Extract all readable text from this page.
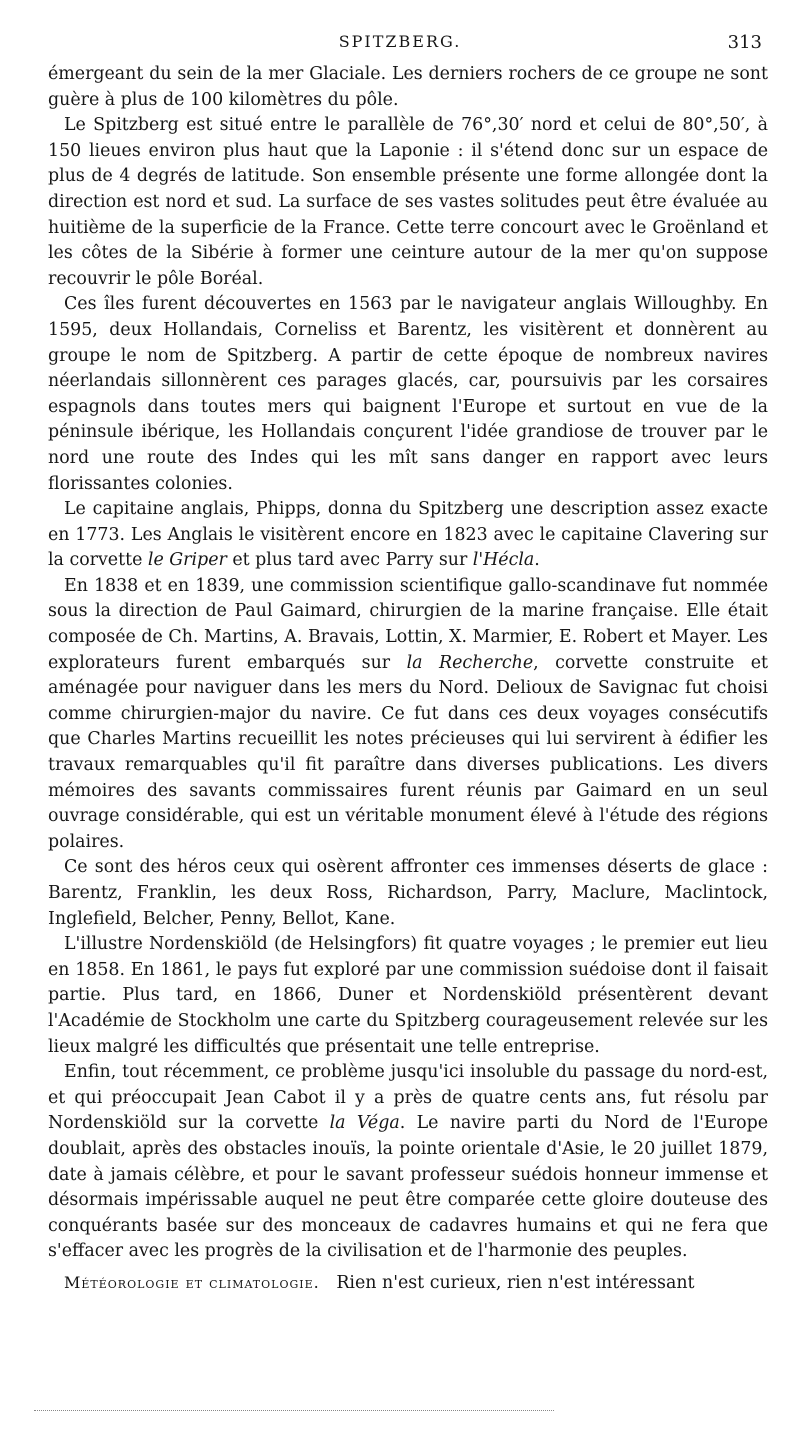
SPITZBERG.	313

émergeant du sein de la mer Glaciale. Les derniers rochers de ce groupe ne sont guère à plus de 100 kilomètres du pôle.

Le Spitzberg est situé entre le parallèle de 76°,30′ nord et celui de 80°,50′, à 150 lieues environ plus haut que la Laponie : il s'étend donc sur un espace de plus de 4 degrés de latitude. Son ensemble présente une forme allongée dont la direction est nord et sud. La surface de ses vastes solitudes peut être évaluée au huitième de la superficie de la France. Cette terre concourt avec le Groënland et les côtes de la Sibérie à former une ceinture autour de la mer qu'on suppose recouvrir le pôle Boréal.

Ces îles furent découvertes en 1563 par le navigateur anglais Willoughby. En 1595, deux Hollandais, Corneliss et Barentz, les visitèrent et donnèrent au groupe le nom de Spitzberg. A partir de cette époque de nombreux navires néerlandais sillonnèrent ces parages glacés, car, poursuivis par les corsaires espagnols dans toutes mers qui baignent l'Europe et surtout en vue de la péninsule ibérique, les Hollandais conçurent l'idée grandiose de trouver par le nord une route des Indes qui les mît sans danger en rapport avec leurs florissantes colonies.

Le capitaine anglais, Phipps, donna du Spitzberg une description assez exacte en 1773. Les Anglais le visitèrent encore en 1823 avec le capitaine Clavering sur la corvette le Griper et plus tard avec Parry sur l'Hécla.

En 1838 et en 1839, une commission scientifique gallo-scandinave fut nommée sous la direction de Paul Gaimard, chirurgien de la marine française. Elle était composée de Ch. Martins, A. Bravais, Lottin, X. Marmier, E. Robert et Mayer. Les explorateurs furent embarqués sur la Recherche, corvette construite et aménagée pour naviguer dans les mers du Nord. Delioux de Savignac fut choisi comme chirurgien-major du navire. Ce fut dans ces deux voyages consécutifs que Charles Martins recueillit les notes précieuses qui lui servirent à édifier les travaux remarquables qu'il fit paraître dans diverses publications. Les divers mémoires des savants commissaires furent réunis par Gaimard en un seul ouvrage considérable, qui est un véritable monument élevé à l'étude des régions polaires.

Ce sont des héros ceux qui osèrent affronter ces immenses déserts de glace : Barentz, Franklin, les deux Ross, Richardson, Parry, Maclure, Maclintock, Inglefield, Belcher, Penny, Bellot, Kane.

L'illustre Nordenskiöld (de Helsingfors) fit quatre voyages ; le premier eut lieu en 1858. En 1861, le pays fut exploré par une commission suédoise dont il faisait partie. Plus tard, en 1866, Duner et Nordenskiöld présentèrent devant l'Académie de Stockholm une carte du Spitzberg courageusement relevée sur les lieux malgré les difficultés que présentait une telle entreprise.

Enfin, tout récemment, ce problème jusqu'ici insoluble du passage du nord-est, et qui préoccupait Jean Cabot il y a près de quatre cents ans, fut résolu par Nordenskiöld sur la corvette la Véga. Le navire parti du Nord de l'Europe doublait, après des obstacles inouïs, la pointe orientale d'Asie, le 20 juillet 1879, date à jamais célèbre, et pour le savant professeur suédois honneur immense et désormais impérissable auquel ne peut être comparée cette gloire douteuse des conquérants basée sur des monceaux de cadavres humains et qui ne fera que s'effacer avec les progrès de la civilisation et de l'harmonie des peuples.

Météorologie et climatologie. Rien n'est curieux, rien n'est intéressant
